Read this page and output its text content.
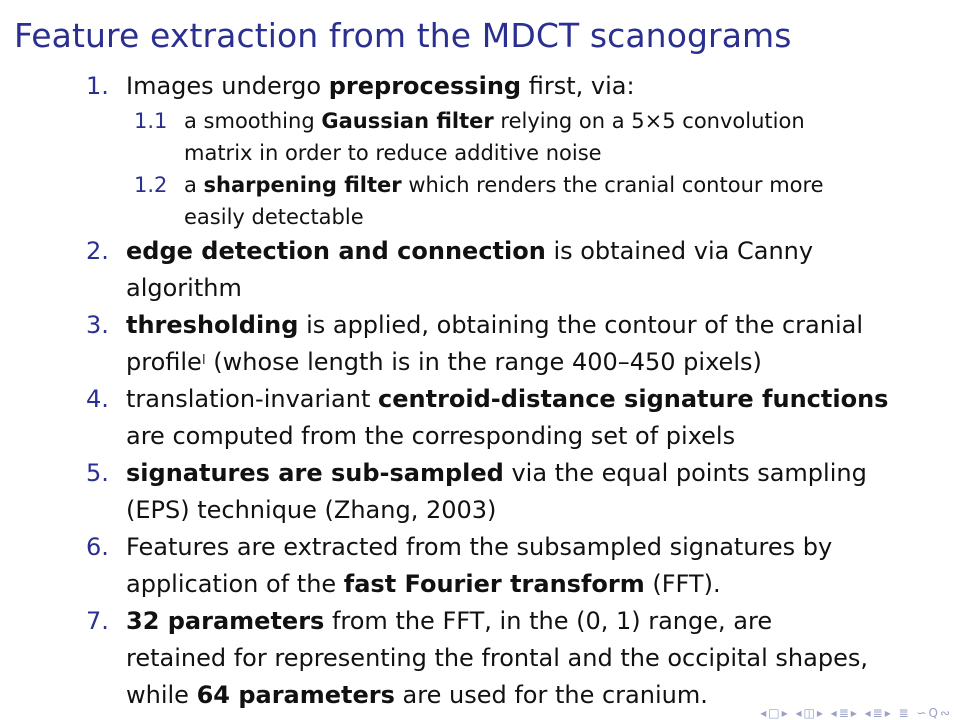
Feature extraction from the MDCT scanograms
1. Images undergo preprocessing first, via:
1.1 a smoothing Gaussian filter relying on a 5×5 convolution
matrix in order to reduce additive noise
1.2 a sharpening filter which renders the cranial contour more
easily detectable
2. edge detection and connection is obtained via Canny
algorithm
3. thresholding is applied, obtaining the contour of the cranial
profile$^I$ (whose length is in the range 400–450 pixels)
4. translation-invariant centroid-distance signature functions
are computed from the corresponding set of pixels
5. signatures are sub-sampled via the equal points sampling
(EPS) technique (Zhang, 2003)
6. Features are extracted from the subsampled signatures by
application of the fast Fourier transform (FFT).
7. 32 parameters from the FFT, in the (0, 1) range, are
retained for representing the frontal and the occipital shapes,
while 64 parameters are used for the cranium.
◂□▸ ◂◫▸ ◂≣▸ ◂≣▸ ≣ ∽Q∾
